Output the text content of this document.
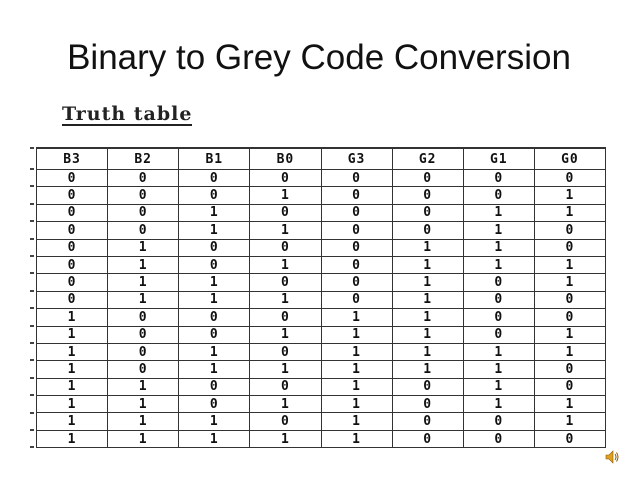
Binary to Grey Code Conversion
Truth table
B3	B2	B1	B0	G3	G2	G1	G0
0	0	0	0	0	0	0	0
0	0	0	1	0	0	0	1
0	0	1	0	0	0	1	1
0	0	1	1	0	0	1	0
0	1	0	0	0	1	1	0
0	1	0	1	0	1	1	1
0	1	1	0	0	1	0	1
0	1	1	1	0	1	0	0
1	0	0	0	1	1	0	0
1	0	0	1	1	1	0	1
1	0	1	0	1	1	1	1
1	0	1	1	1	1	1	0
1	1	0	0	1	0	1	0
1	1	0	1	1	0	1	1
1	1	1	0	1	0	0	1
1	1	1	1	1	0	0	0
